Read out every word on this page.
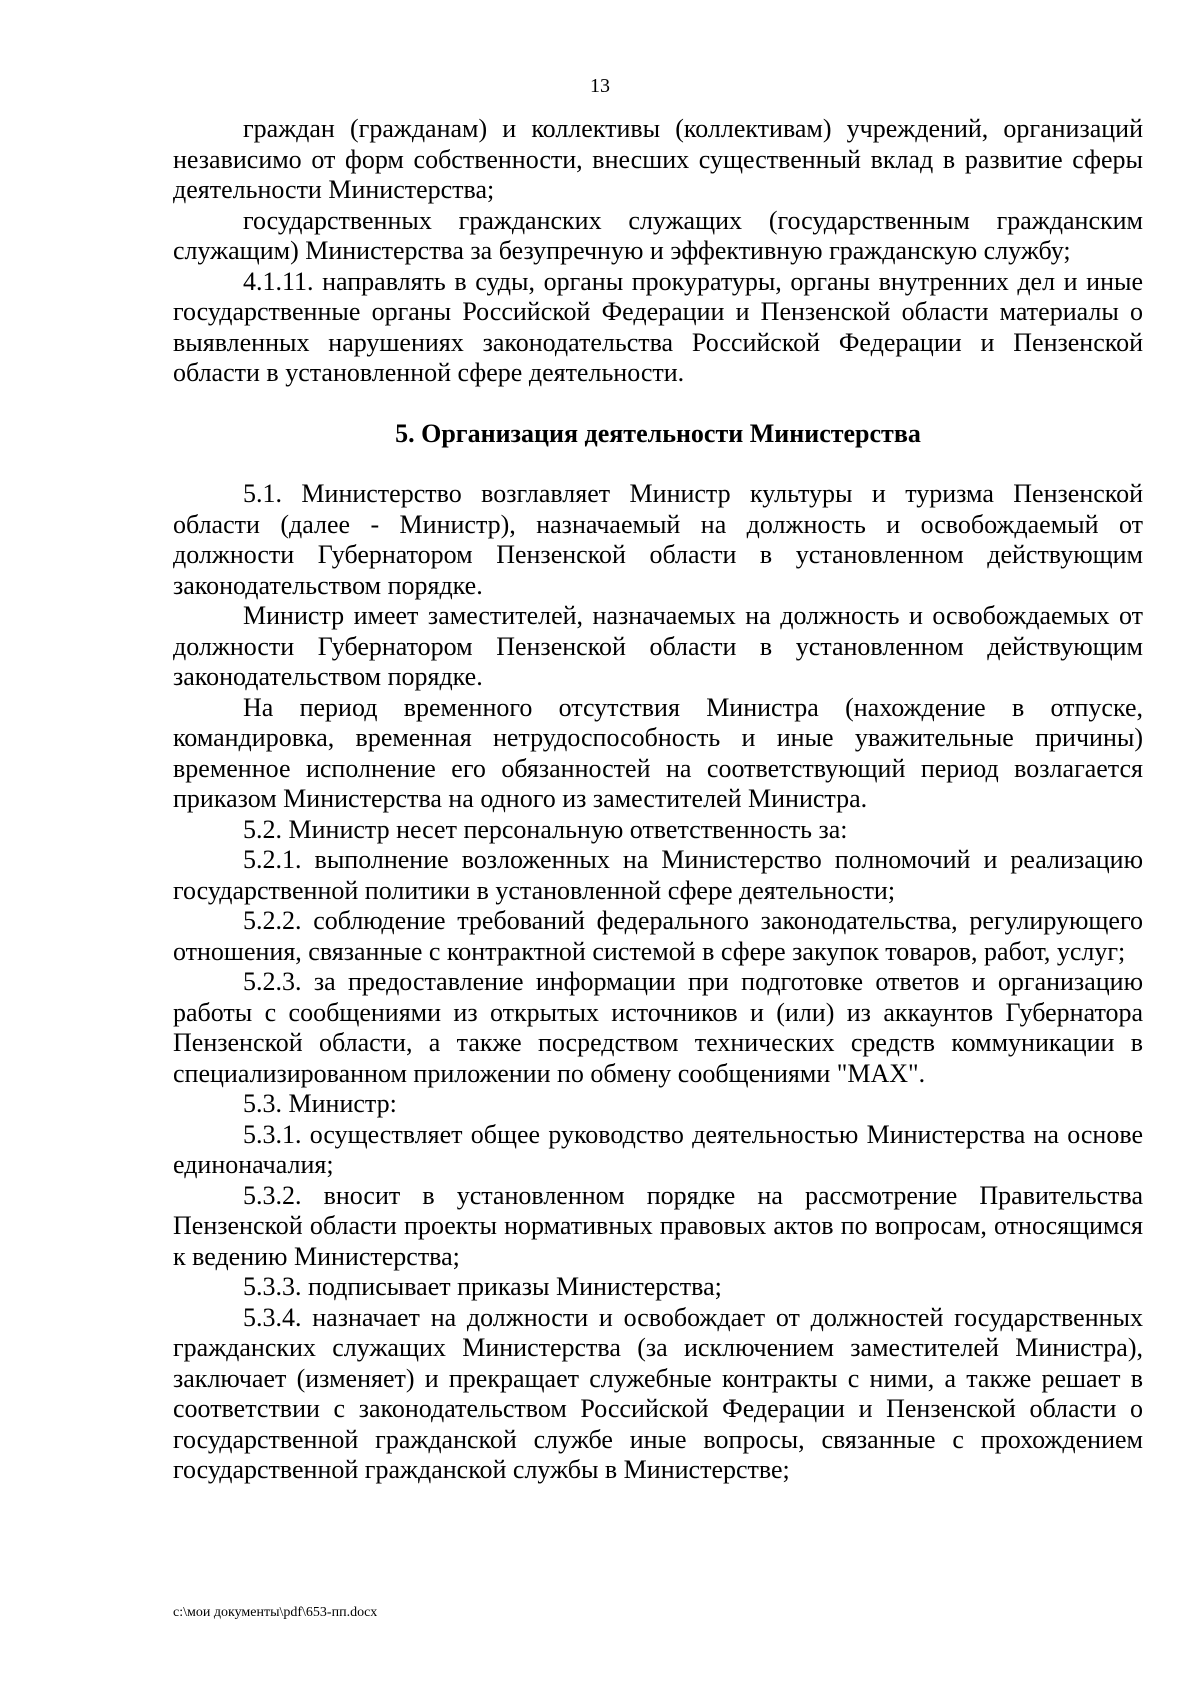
13

граждан (гражданам) и коллективы (коллективам) учреждений, организаций независимо от форм собственности, внесших существенный вклад в развитие сферы деятельности Министерства;

государственных гражданских служащих (государственным гражданским служащим) Министерства за безупречную и эффективную гражданскую службу;

4.1.11. направлять в суды, органы прокуратуры, органы внутренних дел и иные государственные органы Российской Федерации и Пензенской области материалы о выявленных нарушениях законодательства Российской Федерации и Пензенской области в установленной сфере деятельности.

5. Организация деятельности Министерства

5.1. Министерство возглавляет Министр культуры и туризма Пензенской области (далее - Министр), назначаемый на должность и освобождаемый от должности Губернатором Пензенской области в установленном действующим законодательством порядке.

Министр имеет заместителей, назначаемых на должность и освобождаемых от должности Губернатором Пензенской области в установленном действующим законодательством порядке.

На период временного отсутствия Министра (нахождение в отпуске, командировка, временная нетрудоспособность и иные уважительные причины) временное исполнение его обязанностей на соответствующий период возлагается приказом Министерства на одного из заместителей Министра.

5.2. Министр несет персональную ответственность за:

5.2.1. выполнение возложенных на Министерство полномочий и реализацию государственной политики в установленной сфере деятельности;

5.2.2. соблюдение требований федерального законодательства, регулирующего отношения, связанные с контрактной системой в сфере закупок товаров, работ, услуг;

5.2.3. за предоставление информации при подготовке ответов и организацию работы с сообщениями из открытых источников и (или) из аккаунтов Губернатора Пензенской области, а также посредством технических средств коммуникации в специализированном приложении по обмену сообщениями "MAX".

5.3. Министр:

5.3.1. осуществляет общее руководство деятельностью Министерства на основе единоначалия;

5.3.2. вносит в установленном порядке на рассмотрение Правительства Пензенской области проекты нормативных правовых актов по вопросам, относящимся к ведению Министерства;

5.3.3. подписывает приказы Министерства;

5.3.4. назначает на должности и освобождает от должностей государственных гражданских служащих Министерства (за исключением заместителей Министра), заключает (изменяет) и прекращает служебные контракты с ними, а также решает в соответствии с законодательством Российской Федерации и Пензенской области о государственной гражданской службе иные вопросы, связанные с прохождением государственной гражданской службы в Министерстве;

c:\мои документы\pdf\653-пп.docx
